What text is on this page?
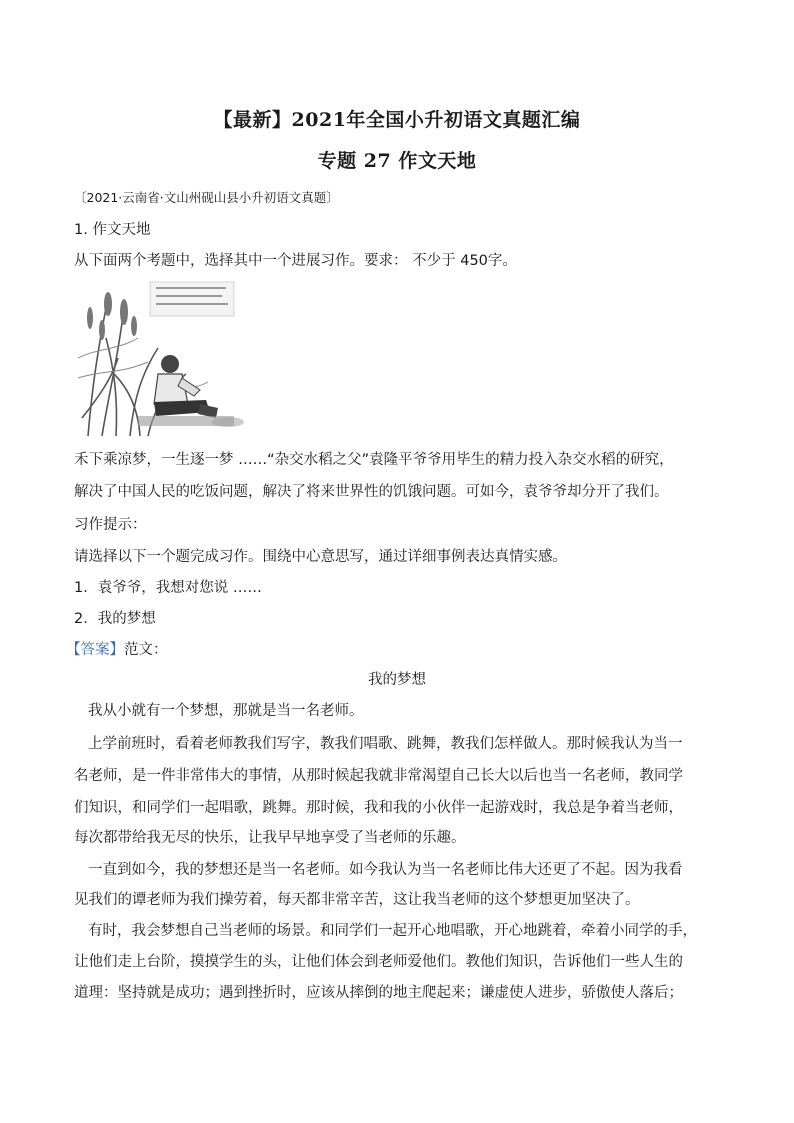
【最新】2021年全国小升初语文真题汇编
专题 27 作文天地
〔2021·云南省·文山州砚山县小升初语文真题〕
1. 作文天地
从下面两个考题中，选择其中一个进展习作。要求： 不少于 450字。
禾下乘凉梦，一生逐一梦 ……“杂交水稻之父”袁隆平爷爷用毕生的精力投入杂交水稻的研究，
解决了中国人民的吃饭问题，解决了将来世界性的饥饿问题。可如今，袁爷爷却分开了我们。
习作提示：
请选择以下一个题完成习作。围绕中心意思写，通过详细事例表达真情实感。
1．袁爷爷，我想对您说 ……
2．我的梦想
【答案】范文：
我的梦想
我从小就有一个梦想，那就是当一名老师。
上学前班时，看着老师教我们写字，教我们唱歌、跳舞，教我们怎样做人。那时候我认为当一
名老师，是一件非常伟大的事情，从那时候起我就非常渴望自己长大以后也当一名老师，教同学
们知识，和同学们一起唱歌，跳舞。那时候，我和我的小伙伴一起游戏时，我总是争着当老师，
每次都带给我无尽的快乐，让我早早地享受了当老师的乐趣。
一直到如今，我的梦想还是当一名老师。如今我认为当一名老师比伟大还更了不起。因为我看
见我们的谭老师为我们操劳着，每天都非常辛苦，这让我当老师的这个梦想更加坚决了。
有时，我会梦想自己当老师的场景。和同学们一起开心地唱歌，开心地跳着，牵着小同学的手，
让他们走上台阶，摸摸学生的头，让他们体会到老师爱他们。教他们知识，告诉他们一些人生的
道理：坚持就是成功；遇到挫折时，应该从摔倒的地主爬起来；谦虚使人进步，骄傲使人落后；
